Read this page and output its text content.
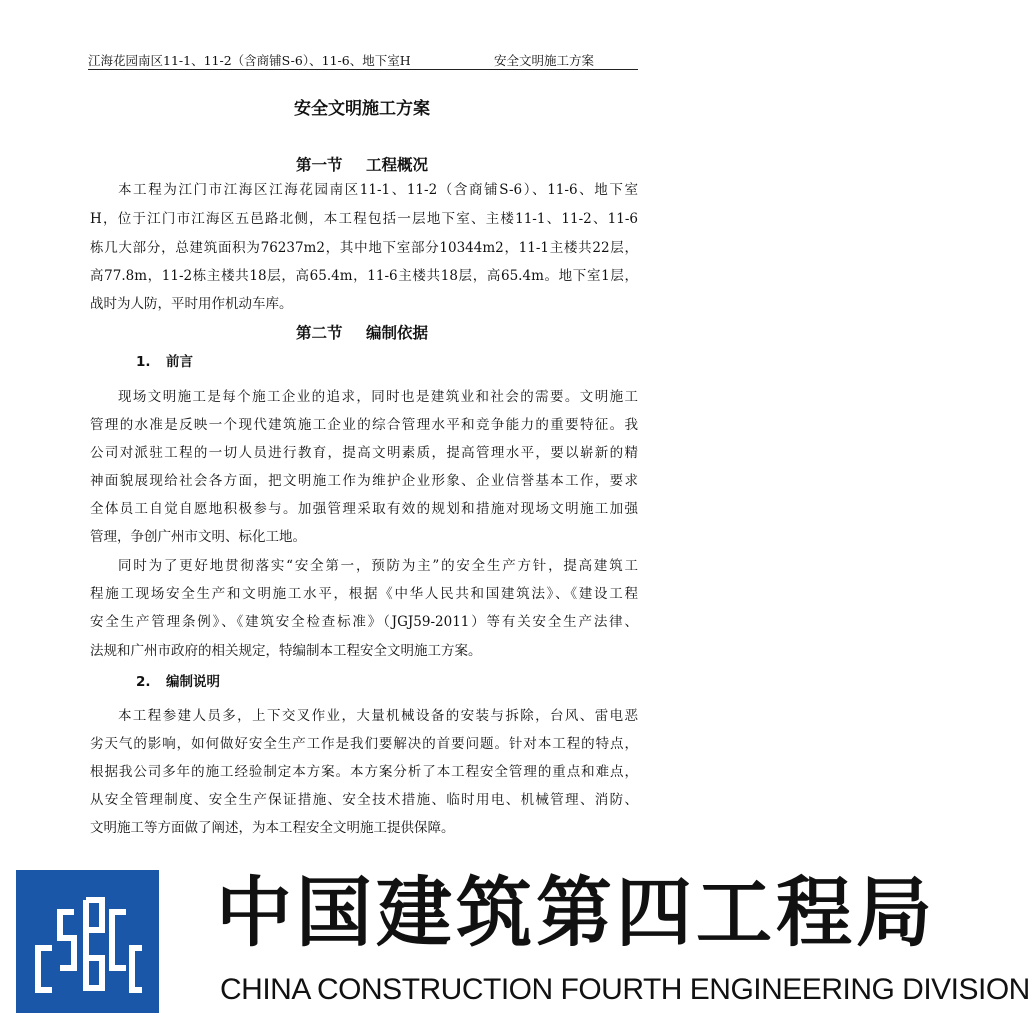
江海花园南区11-1、11-2（含商铺S-6）、11-6、地下室H	安全文明施工方案
安全文明施工方案
第一节 工程概况
本工程为江门市江海区江海花园南区11-1、11-2（含商铺S-6）、11-6、地下室
H，位于江门市江海区五邑路北侧，本工程包括一层地下室、主楼11-1、11-2、11-6
栋几大部分，总建筑面积为76237m2，其中地下室部分10344m2，11-1主楼共22层，
高77.8m，11-2栋主楼共18层，高65.4m，11-6主楼共18层，高65.4m。地下室1层，
战时为人防，平时用作机动车库。
第二节 编制依据
1. 前言
现场文明施工是每个施工企业的追求，同时也是建筑业和社会的需要。文明施工
管理的水准是反映一个现代建筑施工企业的综合管理水平和竞争能力的重要特征。我
公司对派驻工程的一切人员进行教育，提高文明素质，提高管理水平，要以崭新的精
神面貌展现给社会各方面，把文明施工作为维护企业形象、企业信誉基本工作，要求
全体员工自觉自愿地积极参与。加强管理采取有效的规划和措施对现场文明施工加强
管理，争创广州市文明、标化工地。
同时为了更好地贯彻落实“安全第一，预防为主”的安全生产方针，提高建筑工
程施工现场安全生产和文明施工水平，根据《中华人民共和国建筑法》、《建设工程
安全生产管理条例》、《建筑安全检查标准》（JGJ59-2011）等有关安全生产法律、
法规和广州市政府的相关规定，特编制本工程安全文明施工方案。
2. 编制说明
本工程参建人员多，上下交叉作业，大量机械设备的安装与拆除，台风、雷电恶
劣天气的影响，如何做好安全生产工作是我们要解决的首要问题。针对本工程的特点，
根据我公司多年的施工经验制定本方案。本方案分析了本工程安全管理的重点和难点，
从安全管理制度、安全生产保证措施、安全技术措施、临时用电、机械管理、消防、
文明施工等方面做了阐述，为本工程安全文明施工提供保障。
中国建筑第四工程局
CHINA CONSTRUCTION FOURTH ENGINEERING DIVISION
